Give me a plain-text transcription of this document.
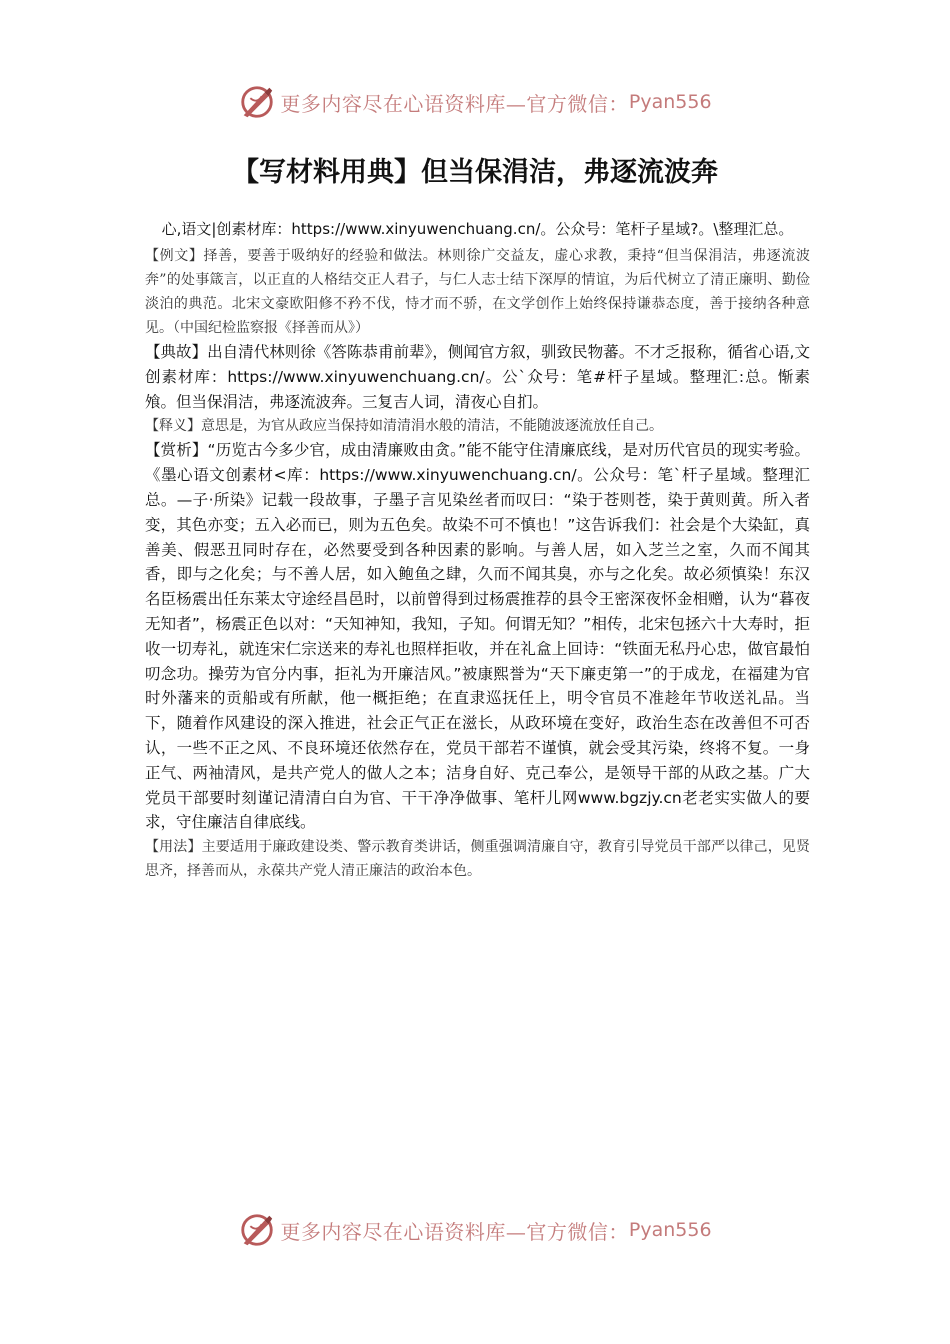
更多内容尽在心语资料库—官方微信： Pyan556
【写材料用典】但当保涓洁，弗逐流波奔
心,语文|创素材库：https://www.xinyuwenchuang.cn/。公众号：笔杆子星域?。\整理汇总。

【例文】择善，要善于吸纳好的经验和做法。林则徐广交益友，虚心求教，秉持“但当保涓洁，弗逐流波奔”的处事箴言，以正直的人格结交正人君子，与仁人志士结下深厚的情谊，为后代树立了清正廉明、勤俭淡泊的典范。北宋文豪欧阳修不矜不伐，恃才而不骄，在文学创作上始终保持谦恭态度，善于接纳各种意见。（中国纪检监察报《择善而从》）

【典故】出自清代林则徐《答陈恭甫前辈》，侧闻官方叙，驯致民物蕃。不才乏报称，循省心语,文创素材库：https://www.xinyuwenchuang.cn/。公`众号：笔#杆子星域。整理汇:总。惭素飧。但当保涓洁，弗逐流波奔。三复吉人词，清夜心自扪。

【释义】意思是，为官从政应当保持如清清涓水般的清洁，不能随波逐流放任自己。

【赏析】“历览古今多少官，成由清廉败由贪。”能不能守住清廉底线，是对历代官员的现实考验。《墨心语文创素材<库：https://www.xinyuwenchuang.cn/。公众号：笔`杆子星域。整理汇总。—子·所染》记载一段故事，子墨子言见染丝者而叹曰：“染于苍则苍，染于黄则黄。所入者变，其色亦变；五入必而已，则为五色矣。故染不可不慎也！”这告诉我们：社会是个大染缸，真善美、假恶丑同时存在，必然要受到各种因素的影响。与善人居，如入芝兰之室，久而不闻其香，即与之化矣；与不善人居，如入鲍鱼之肆，久而不闻其臭，亦与之化矣。故必须慎染！东汉名臣杨震出任东莱太守途经昌邑时，以前曾得到过杨震推荐的县令王密深夜怀金相赠，认为“暮夜无知者”，杨震正色以对：“天知神知，我知，子知。何谓无知？”相传，北宋包拯六十大寿时，拒收一切寿礼，就连宋仁宗送来的寿礼也照样拒收，并在礼盒上回诗：“铁面无私丹心忠，做官最怕叨念功。操劳为官分内事，拒礼为开廉洁风。”被康熙誉为“天下廉吏第一”的于成龙，在福建为官时外藩来的贡船或有所献，他一概拒绝；在直隶巡抚任上，明令官员不准趁年节收送礼品。当下，随着作风建设的深入推进，社会正气正在滋长，从政环境在变好，政治生态在改善但不可否认，一些不正之风、不良环境还依然存在，党员干部若不谨慎，就会受其污染，终将不复。一身正气、两袖清风，是共产党人的做人之本；洁身自好、克己奉公，是领导干部的从政之基。广大党员干部要时刻谨记清清白白为官、干干净净做事、笔杆儿网www.bgzjy.cn老老实实做人的要求，守住廉洁自律底线。

【用法】主要适用于廉政建设类、警示教育类讲话，侧重强调清廉自守，教育引导党员干部严以律己，见贤思齐，择善而从，永葆共产党人清正廉洁的政治本色。

更多内容尽在心语资料库—官方微信： Pyan556
